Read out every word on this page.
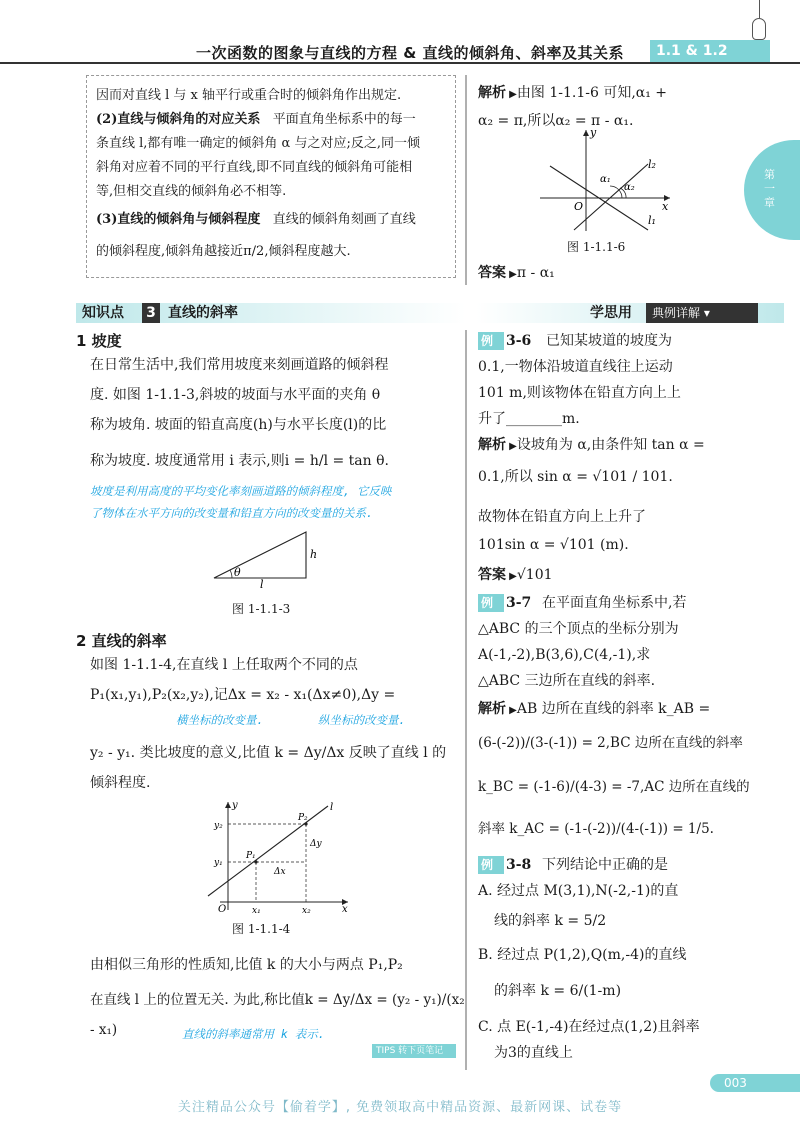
一次函数的图象与直线的方程 & 直线的倾斜角、斜率及其关系	1.1 & 1.2
第一章
因而对直线 l 与 x 轴平行或重合时的倾斜角作出规定.
(2)直线与倾斜角的对应关系 平面直角坐标系中的每一
条直线 l,都有唯一确定的倾斜角 α 与之对应;反之,同一倾
斜角对应着不同的平行直线,即不同直线的倾斜角可能相
等,但相交直线的倾斜角必不相等.
(3)直线的倾斜角与倾斜程度 直线的倾斜角刻画了直线
的倾斜程度,倾斜角越接近π/2,倾斜程度越大.
解析 ▶由图 1-1.1-6 可知,α₁ +
α₂ = π,所以α₂ = π - α₁.
y
x
O
l₂
l₁
α₁
α₂
图 1-1.1-6
答案 ▶π - α₁
知识点 3 直线的斜率	学思用	典例详解 ▾
1 坡度
在日常生活中,我们常用坡度来刻画道路的倾斜程
度. 如图 1-1.1-3,斜坡的坡面与水平面的夹角 θ
称为坡角. 坡面的铅直高度(h)与水平长度(l)的比
称为坡度. 坡度通常用 i 表示,则i = h/l = tan θ.
坡度是利用高度的平均变化率刻画道路的倾斜程度, 它反映
了物体在水平方向的改变量和铅直方向的改变量的关系.
θ
h
l
图 1-1.1-3
2 直线的斜率
如图 1-1.1-4,在直线 l 上任取两个不同的点
P₁(x₁,y₁),P₂(x₂,y₂),记Δx = x₂ - x₁(Δx≠0),Δy =
横坐标的改变量.	纵坐标的改变量.
y₂ - y₁. 类比坡度的意义,比值 k = Δy/Δx 反映了直线 l 的
倾斜程度.
y
x
O
l
y₁
y₂
x₁	x₂
P₁
P₂
Δx
Δy
图 1-1.1-4
由相似三角形的性质知,比值 k 的大小与两点 P₁,P₂
在直线 l 上的位置无关. 为此,称比值k = Δy/Δx = (y₂ - y₁)/(x₂ - x₁)	直线的斜率通常用 k 表示.
TIPS 转下页笔记
例 3-6 已知某坡道的坡度为
0.1,一物体沿坡道直线往上运动
101 m,则该物体在铅直方向上上
升了________m.
解析 ▶设坡角为 α,由条件知 tan α =
0.1,所以 sin α = √101 / 101.
故物体在铅直方向上上升了
101sin α = √101 (m).
答案 ▶√101
例 3-7 在平面直角坐标系中,若
△ABC 的三个顶点的坐标分别为
A(-1,-2),B(3,6),C(4,-1),求
△ABC 三边所在直线的斜率.
解析 ▶AB 边所在直线的斜率 k_AB =
(6-(-2))/(3-(-1)) = 2,BC 边所在直线的斜率
k_BC = (-1-6)/(4-3) = -7,AC 边所在直线的
斜率 k_AC = (-1-(-2))/(4-(-1)) = 1/5.
例 3-8 下列结论中正确的是
A. 经过点 M(3,1),N(-2,-1)的直
线的斜率 k = 5/2
B. 经过点 P(1,2),Q(m,-4)的直线
的斜率 k = 6/(1-m)
C. 点 E(-1,-4)在经过点(1,2)且斜率
为3的直线上
003
关注精品公众号【偷着学】, 免费领取高中精品资源、最新网课、试卷等
